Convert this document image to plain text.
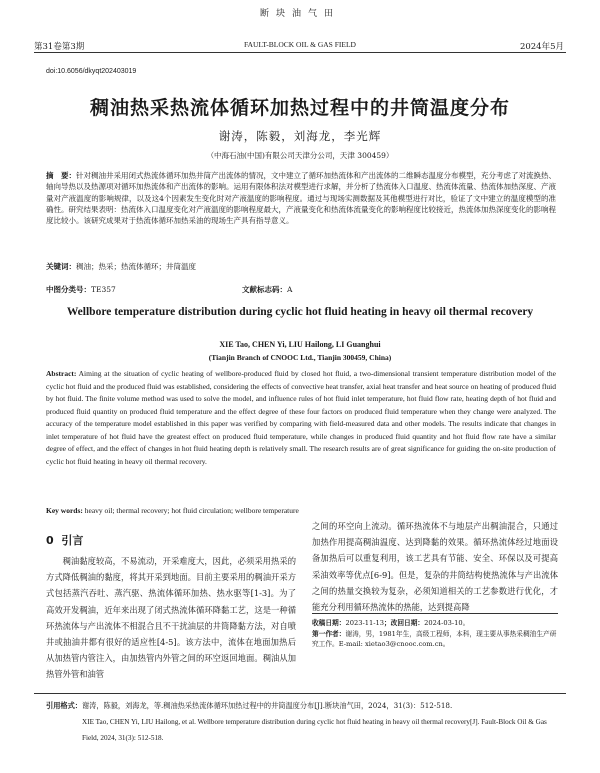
断块油气田
第31卷第3期	FAULT-BLOCK OIL & GAS FIELD	2024年5月
doi:10.6056/dkyqt202403019
稠油热采热流体循环加热过程中的井筒温度分布
谢涛，陈毅，刘海龙，李光辉
（中海石油(中国)有限公司天津分公司，天津 300459）
摘　要：针对稠油井采用闭式热流体循环加热井筒产出流体的情况，文中建立了循环加热流体和产出流体的二维瞬态温度分布模型，充分考虑了对流换热、轴向导热以及热源项对循环加热流体和产出流体的影响。运用有限体积法对模型进行求解，并分析了热流体入口温度、热流体流量、热流体加热深度、产液量对产液温度的影响规律，以及这4个因素发生变化时对产液温度的影响程度。通过与现场实测数据及其他模型进行对比，验证了文中建立的温度模型的准确性。研究结果表明：热流体入口温度变化对产液温度的影响程度最大，产液量变化和热流体流量变化的影响程度比较接近，热流体加热深度变化的影响程度比较小。该研究成果对于热流体循环加热采油的现场生产具有指导意义。
关键词：稠油；热采；热流体循环；井筒温度
中图分类号：TE357	文献标志码：A
Wellbore temperature distribution during cyclic hot fluid heating in heavy oil thermal recovery
XIE Tao, CHEN Yi, LIU Hailong, LI Guanghui
(Tianjin Branch of CNOOC Ltd., Tianjin 300459, China)
Abstract: Aiming at the situation of cyclic heating of wellbore-produced fluid by closed hot fluid, a two-dimensional transient temperature distribution model of the cyclic hot fluid and the produced fluid was established, considering the effects of convective heat transfer, axial heat transfer and heat source on heating of produced fluid by hot fluid. The finite volume method was used to solve the model, and influence rules of hot fluid inlet temperature, hot fluid flow rate, heating depth of hot fluid and produced fluid quantity on produced fluid temperature and the effect degree of these four factors on produced fluid temperature when they change were analyzed. The accuracy of the temperature model established in this paper was verified by comparing with field-measured data and other models. The results indicate that changes in inlet temperature of hot fluid have the greatest effect on produced fluid temperature, while changes in produced fluid quantity and hot fluid flow rate have a similar degree of effect, and the effect of changes in hot fluid heating depth is relatively small. The research results are of great significance for guiding the on-site production of cyclic hot fluid heating in heavy oil thermal recovery.
Key words: heavy oil; thermal recovery; hot fluid circulation; wellbore temperature
0 引言
稠油黏度较高，不易流动，开采难度大，因此，必须采用热采的方式降低稠油的黏度，将其开采到地面。目前主要采用的稠油开采方式包括蒸汽吞吐、蒸汽驱、热流体循环加热、热水驱等[1-3]。为了高效开发稠油，近年来出现了闭式热流体循环降黏工艺，这是一种循环热流体与产出流体不相混合且不干扰油层的井筒降黏方法，对自喷井或抽油井都有很好的适应性[4-5]。该方法中，流体在地面加热后从加热管内管注入，由加热管内外管之间的环空返回地面。稠油从加热管外管和油管
之间的环空向上流动。循环热流体不与地层产出稠油混合，只通过加热作用提高稠油温度、达到降黏的效果。循环热流体经过地面设备加热后可以重复利用，该工艺具有节能、安全、环保以及可提高采油效率等优点[6-9]。但是，复杂的井筒结构使热流体与产出流体之间的热量交换较为复杂，必须知道相关的工艺参数进行优化，才能充分利用循环热流体的热能，达到提高降
收稿日期：2023-11-13；改回日期：2024-03-10。
第一作者：谢涛，男，1981年生，高级工程师，本科，现主要从事热采稠油生产研究工作。E-mail: xietao3@cnooc.com.cn。
引用格式：谢涛，陈毅，刘海龙，等.稠油热采热流体循环加热过程中的井筒温度分布[J].断块油气田，2024，31(3)：512-518.
XIE Tao, CHEN Yi, LIU Hailong, et al. Wellbore temperature distribution during cyclic hot fluid heating in heavy oil thermal recovery[J]. Fault-Block Oil & Gas Field, 2024, 31(3): 512-518.
